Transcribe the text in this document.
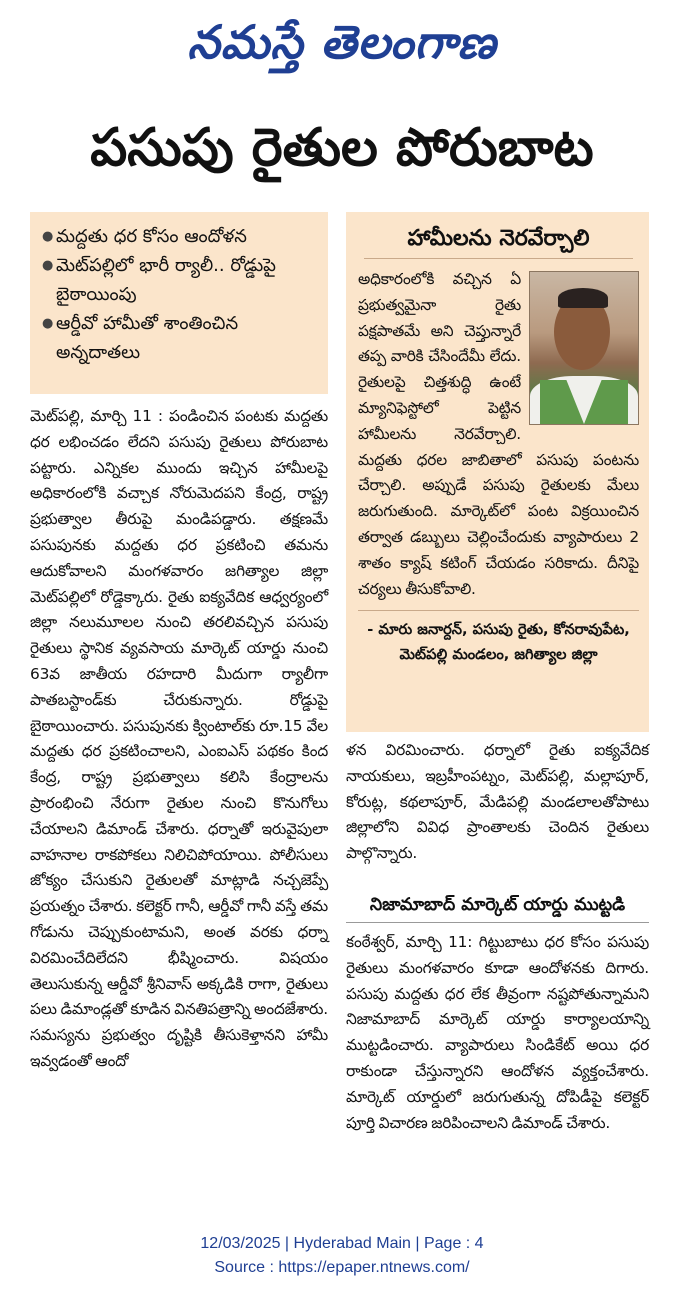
నమస్తే తెలంగాణ
పసుపు రైతుల పోరుబాట
● మద్దతు ధర కోసం ఆందోళన
● మెట్‌పల్లిలో భారీ ర్యాలీ.. రోడ్డుపై బైఠాయింపు
● ఆర్డీవో హామీతో శాంతించిన అన్నదాతలు
మెట్‌పల్లి, మార్చి 11 : పండించిన పంటకు మద్దతు ధర లభించడం లేదని పసుపు రైతులు పోరుబాట పట్టారు. ఎన్నికల ముందు ఇచ్చిన హామీలపై అధికారంలోకి వచ్చాక నోరుమెదపని కేంద్ర, రాష్ట్ర ప్రభుత్వాల తీరుపై మండిపడ్డారు. తక్షణమే పసుపునకు మద్దతు ధర ప్రకటించి తమను ఆదుకోవాలని మంగళవారం జగిత్యాల జిల్లా మెట్‌పల్లిలో రోడ్డెక్కారు. రైతు ఐక్యవేదిక ఆధ్వర్యంలో జిల్లా నలుమూలల నుంచి తరలివచ్చిన పసుపు రైతులు స్థానిక వ్యవసాయ మార్కెట్ యార్డు నుంచి 63వ జాతీయ రహదారి మీదుగా ర్యాలీగా పాతబస్టాండ్‌కు చేరుకున్నారు. రోడ్డుపై బైఠాయించారు. పసుపునకు క్వింటాల్‌కు రూ.15 వేల మద్దతు ధర ప్రకటించాలని, ఎంఐఎస్ పథకం కింద కేంద్ర, రాష్ట్ర ప్రభుత్వాలు కలిసి కేంద్రాలను ప్రారంభించి నేరుగా రైతుల నుంచి కొనుగోలు చేయాలని డిమాండ్ చేశారు. ధర్నాతో ఇరువైపులా వాహనాల రాకపోకలు నిలిచిపోయాయి. పోలీసులు జోక్యం చేసుకుని రైతులతో మాట్లాడి నచ్చజెప్పే ప్రయత్నం చేశారు. కలెక్టర్ గానీ, ఆర్డీవో గానీ వస్తే తమ గోడును చెప్పుకుంటామని, అంత వరకు ధర్నా విరమించేదిలేదని భీష్మించారు. విషయం తెలుసుకున్న ఆర్డీవో శ్రీనివాస్ అక్కడికి రాగా, రైతులు పలు డిమాండ్లతో కూడిన వినతిపత్రాన్ని అందజేశారు. సమస్యను ప్రభుత్వం దృష్టికి తీసుకెళ్తానని హామీ ఇవ్వడంతో ఆందో
హామీలను నెరవేర్చాలి
అధికారంలోకి వచ్చిన ఏ ప్రభుత్వమైనా రైతు పక్షపాతమే అని చెప్తున్నారే తప్ప వారికి చేసిందేమీ లేదు. రైతులపై చిత్తశుద్ధి ఉంటే మ్యానిఫెస్టోలో పెట్టిన హామీలను నెరవేర్చాలి. మద్దతు ధరల జాబితాలో పసుపు పంటను చేర్చాలి. అప్పుడే పసుపు రైతులకు మేలు జరుగుతుంది. మార్కెట్‌లో పంట విక్రయించిన తర్వాత డబ్బులు చెల్లించేందుకు వ్యాపారులు 2 శాతం క్యాష్ కటింగ్ చేయడం సరికాదు. దీనిపై చర్యలు తీసుకోవాలి.
- మారు జనార్దన్, పసుపు రైతు, కోనరావుపేట, మెట్‌పల్లి మండలం, జగిత్యాల జిల్లా
ళన విరమించారు. ధర్నాలో రైతు ఐక్యవేదిక నాయకులు, ఇబ్రహీంపట్నం, మెట్‌పల్లి, మల్లాపూర్, కోరుట్ల, కథలాపూర్, మేడిపల్లి మండలాలతోపాటు జిల్లాలోని వివిధ ప్రాంతాలకు చెందిన రైతులు పాల్గొన్నారు.
నిజామాబాద్ మార్కెట్ యార్డు ముట్టడి
కంఠేశ్వర్, మార్చి 11: గిట్టుబాటు ధర కోసం పసుపు రైతులు మంగళవారం కూడా ఆందోళనకు దిగారు. పసుపు మద్దతు ధర లేక తీవ్రంగా నష్టపోతున్నామని నిజామాబాద్ మార్కెట్ యార్డు కార్యాలయాన్ని ముట్టడించారు. వ్యాపారులు సిండికేట్ అయి ధర రాకుండా చేస్తున్నారని ఆందోళన వ్యక్తంచేశారు. మార్కెట్ యార్డులో జరుగుతున్న దోపిడీపై కలెక్టర్ పూర్తి విచారణ జరిపించాలని డిమాండ్ చేశారు.
12/03/2025 | Hyderabad Main | Page : 4
Source : https://epaper.ntnews.com/
